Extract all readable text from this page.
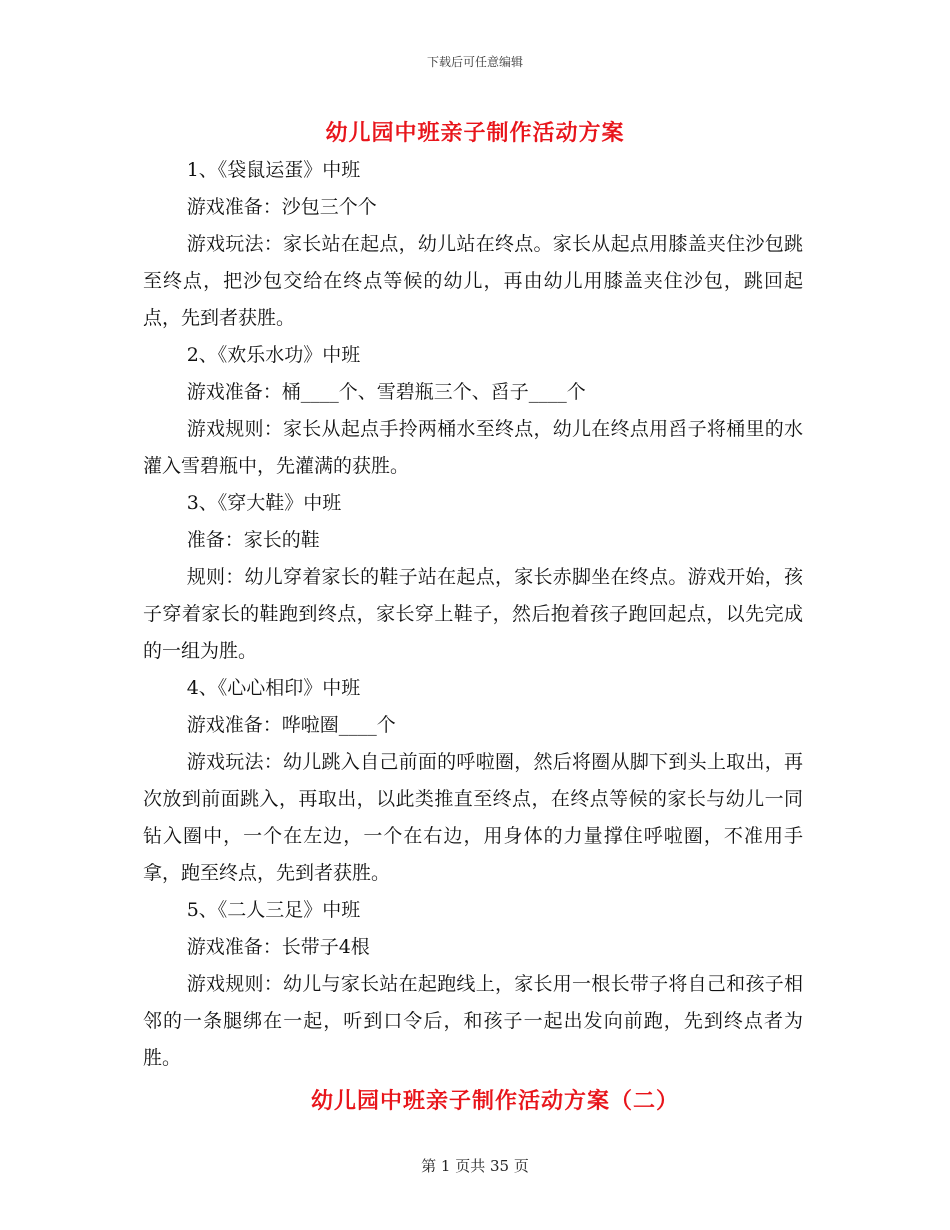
下载后可任意编辑
幼儿园中班亲子制作活动方案

1、《袋鼠运蛋》中班

游戏准备：沙包三个个

游戏玩法：家长站在起点，幼儿站在终点。家长从起点用膝盖夹住沙包跳至终点，把沙包交给在终点等候的幼儿，再由幼儿用膝盖夹住沙包，跳回起点，先到者获胜。

2、《欢乐水功》中班

游戏准备：桶____个、雪碧瓶三个、舀子____个

游戏规则：家长从起点手拎两桶水至终点，幼儿在终点用舀子将桶里的水灌入雪碧瓶中，先灌满的获胜。

3、《穿大鞋》中班

准备：家长的鞋

规则：幼儿穿着家长的鞋子站在起点，家长赤脚坐在终点。游戏开始，孩子穿着家长的鞋跑到终点，家长穿上鞋子，然后抱着孩子跑回起点，以先完成的一组为胜。

4、《心心相印》中班

游戏准备：哗啦圈____个

游戏玩法：幼儿跳入自己前面的呼啦圈，然后将圈从脚下到头上取出，再次放到前面跳入，再取出，以此类推直至终点，在终点等候的家长与幼儿一同钻入圈中，一个在左边，一个在右边，用身体的力量撑住呼啦圈，不准用手拿，跑至终点，先到者获胜。

5、《二人三足》中班

游戏准备：长带子4根

游戏规则：幼儿与家长站在起跑线上，家长用一根长带子将自己和孩子相邻的一条腿绑在一起，听到口令后，和孩子一起出发向前跑，先到终点者为胜。

幼儿园中班亲子制作活动方案（二）
第 1 页共 35 页
